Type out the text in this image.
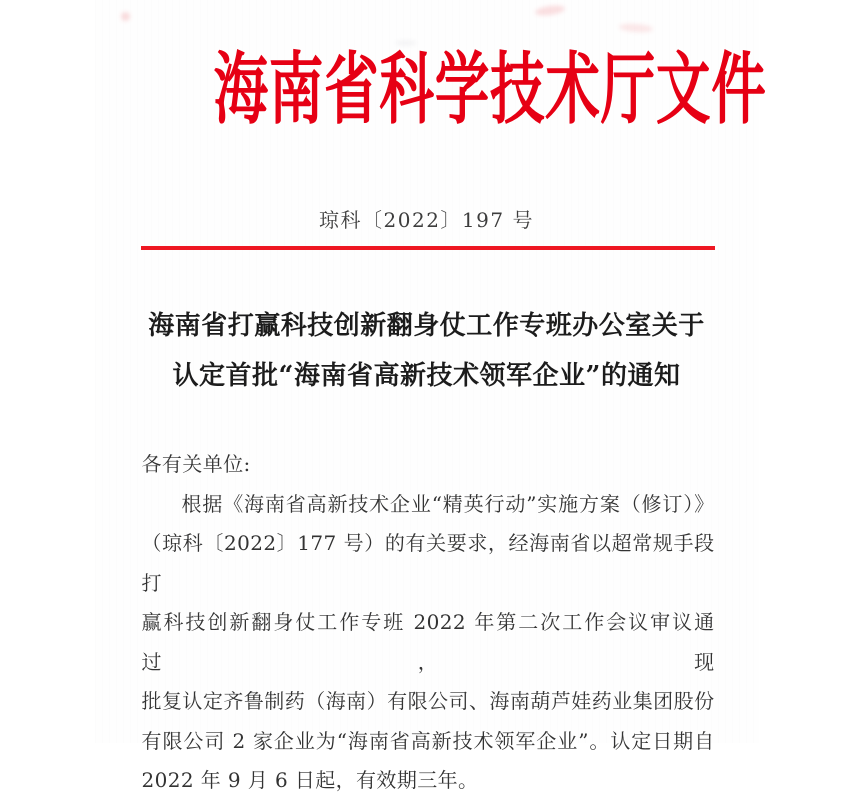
海南省科学技术厅文件
琼科〔2022〕197 号
海南省打赢科技创新翻身仗工作专班办公室关于
认定首批“海南省高新技术领军企业”的通知
各有关单位:
根据《海南省高新技术企业“精英行动”实施方案（修订）》
（琼科〔2022〕177 号）的有关要求，经海南省以超常规手段打
赢科技创新翻身仗工作专班 2022 年第二次工作会议审议通过，现
批复认定齐鲁制药（海南）有限公司、海南葫芦娃药业集团股份
有限公司 2 家企业为“海南省高新技术领军企业”。认定日期自
2022 年 9 月 6 日起，有效期三年。
